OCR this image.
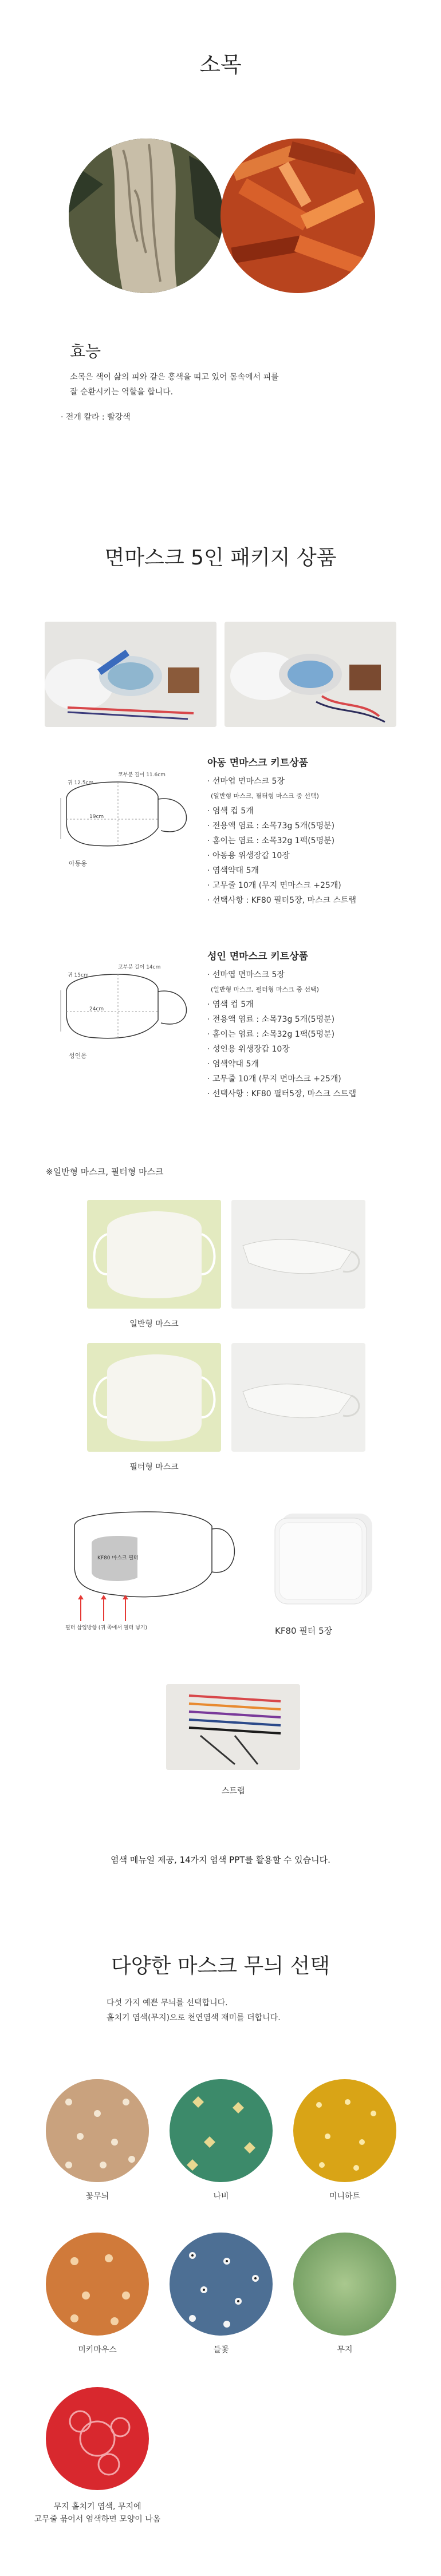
소목
효능
소목은 색이 삶의 피와 같은 홍색을 띠고 있어 몸속에서 피를
잘 순환시키는 역할을 합니다.
· 전개 칼라 : 빨강색
면마스크 5인 패키지 상품
코부분 길이 11.6cm
귀 12.5cm
19cm
아동용
아동 면마스크 키트상품
· 선마엽 면마스크 5장
(일반형 마스크, 필터형 마스크 중 선택)
· 염색 컵 5개
· 전용액 염료 : 소목73g 5개(5명분)
· 홈이는 염료 : 소목32g 1팩(5명분)
· 아동용 위생장갑 10장
· 염색약대 5개
· 고무줄 10개 (무지 면마스크 +25개)
· 선택사항 : KF80 필터5장, 마스크 스트랩
코부분 길이 14cm
귀 15cm
24cm
성인용
성인 면마스크 키트상품
· 선마엽 면마스크 5장
(일반형 마스크, 필터형 마스크 중 선택)
· 염색 컵 5개
· 전용액 염료 : 소목73g 5개(5명분)
· 홈이는 염료 : 소목32g 1팩(5명분)
· 성인용 위생장갑 10장
· 염색약대 5개
· 고무줄 10개 (무지 면마스크 +25개)
· 선택사항 : KF80 필터5장, 마스크 스트랩
※일반형 마스크, 필터형 마스크
일반형 마스크
필터형 마스크
KF80 마스크 필터
필터 삽입방향 (귀 쪽에서 필터 넣기)	KF80 필터 5장
스트랩
염색 메뉴얼 제공, 14가지 염색 PPT를 활용할 수 있습니다.
다양한 마스크 무늬 선택
다섯 가지 예쁜 무늬를 선택합니다.
홀치기 염색(무지)으로 천연염색 재미를 더합니다.
꽃무늬	나비	미니하트
미키마우스	들꽃	무지
무지 홀치기 염색, 무지에
고무줄 묶어서 염색하면 모양이 나옴
